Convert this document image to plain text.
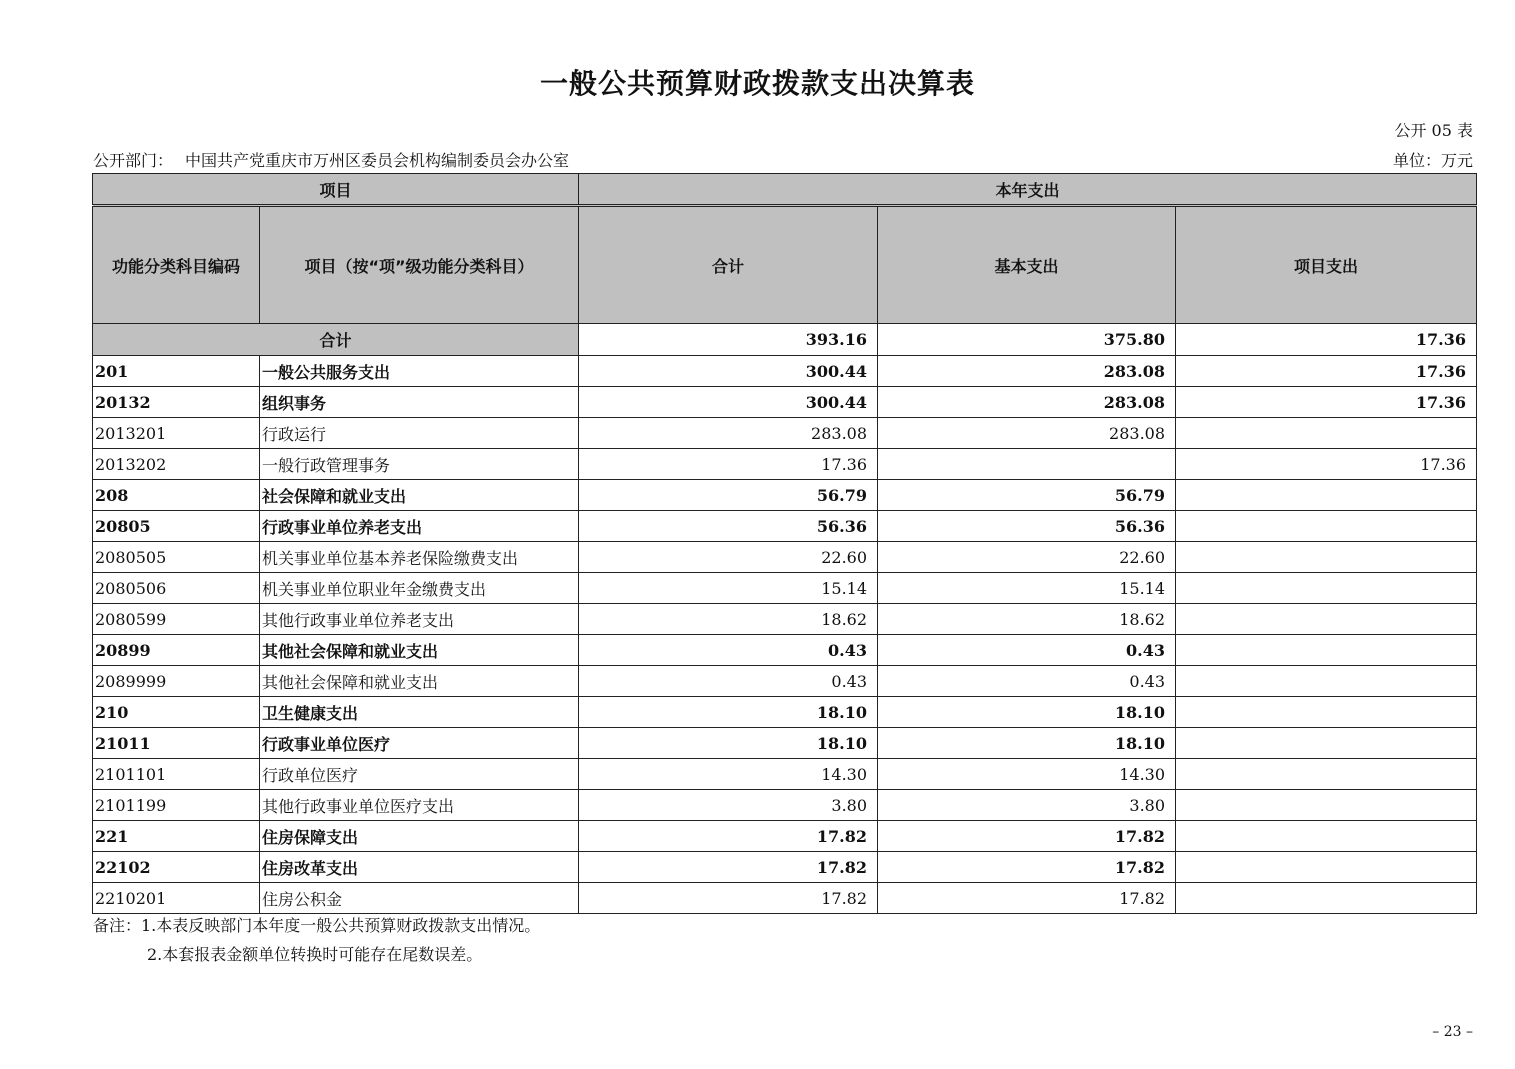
一般公共预算财政拨款支出决算表
公开 05 表
公开部门： 中国共产党重庆市万州区委员会机构编制委员会办公室	单位：万元
项目		本年支出		
功能分类科目编码	项目（按“项”级功能分类科目）	合计	基本支出	项目支出
合计		393.16	375.80	17.36
201	一般公共服务支出	300.44	283.08	17.36
20132	组织事务	300.44	283.08	17.36
2013201	行政运行	283.08	283.08	
2013202	一般行政管理事务	17.36		17.36
208	社会保障和就业支出	56.79	56.79	
20805	行政事业单位养老支出	56.36	56.36	
2080505	机关事业单位基本养老保险缴费支出	22.60	22.60	
2080506	机关事业单位职业年金缴费支出	15.14	15.14	
2080599	其他行政事业单位养老支出	18.62	18.62	
20899	其他社会保障和就业支出	0.43	0.43	
2089999	其他社会保障和就业支出	0.43	0.43	
210	卫生健康支出	18.10	18.10	
21011	行政事业单位医疗	18.10	18.10	
2101101	行政单位医疗	14.30	14.30	
2101199	其他行政事业单位医疗支出	3.80	3.80	
221	住房保障支出	17.82	17.82	
22102	住房改革支出	17.82	17.82	
2210201	住房公积金	17.82	17.82	
备注：1.本表反映部门本年度一般公共预算财政拨款支出情况。
2.本套报表金额单位转换时可能存在尾数误差。
– 23 –
